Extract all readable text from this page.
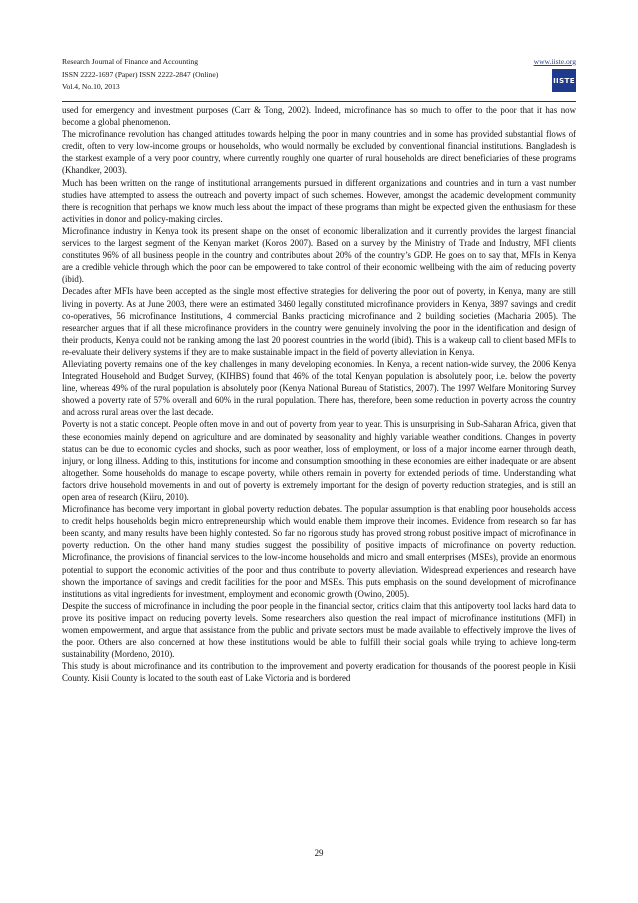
Research Journal of Finance and Accounting
ISSN 2222-1697 (Paper) ISSN 2222-2847 (Online)
Vol.4, No.10, 2013
www.iiste.org
IISTE

used for emergency and investment purposes (Carr & Tong, 2002). Indeed, microfinance has so much to offer to the poor that it has now become a global phenomenon.

The microfinance revolution has changed attitudes towards helping the poor in many countries and in some has provided substantial flows of credit, often to very low-income groups or households, who would normally be excluded by conventional financial institutions. Bangladesh is the starkest example of a very poor country, where currently roughly one quarter of rural households are direct beneficiaries of these programs (Khandker, 2003).

Much has been written on the range of institutional arrangements pursued in different organizations and countries and in turn a vast number studies have attempted to assess the outreach and poverty impact of such schemes. However, amongst the academic development community there is recognition that perhaps we know much less about the impact of these programs than might be expected given the enthusiasm for these activities in donor and policy-making circles.

Microfinance industry in Kenya took its present shape on the onset of economic liberalization and it currently provides the largest financial services to the largest segment of the Kenyan market (Koros 2007). Based on a survey by the Ministry of Trade and Industry, MFI clients constitutes 96% of all business people in the country and contributes about 20% of the country’s GDP. He goes on to say that, MFIs in Kenya are a credible vehicle through which the poor can be empowered to take control of their economic wellbeing with the aim of reducing poverty (ibid).

Decades after MFIs have been accepted as the single most effective strategies for delivering the poor out of poverty, in Kenya, many are still living in poverty. As at June 2003, there were an estimated 3460 legally constituted microfinance providers in Kenya, 3897 savings and credit co-operatives, 56 microfinance Institutions, 4 commercial Banks practicing microfinance and 2 building societies (Macharia 2005). The researcher argues that if all these microfinance providers in the country were genuinely involving the poor in the identification and design of their products, Kenya could not be ranking among the last 20 poorest countries in the world (ibid). This is a wakeup call to client based MFIs to re-evaluate their delivery systems if they are to make sustainable impact in the field of poverty alleviation in Kenya.

Alleviating poverty remains one of the key challenges in many developing economies. In Kenya, a recent nation-wide survey, the 2006 Kenya Integrated Household and Budget Survey, (KIHBS) found that 46% of the total Kenyan population is absolutely poor, i.e. below the poverty line, whereas 49% of the rural population is absolutely poor (Kenya National Bureau of Statistics, 2007). The 1997 Welfare Monitoring Survey showed a poverty rate of 57% overall and 60% in the rural population. There has, therefore, been some reduction in poverty across the country and across rural areas over the last decade.

Poverty is not a static concept. People often move in and out of poverty from year to year. This is unsurprising in Sub-Saharan Africa, given that these economies mainly depend on agriculture and are dominated by seasonality and highly variable weather conditions. Changes in poverty status can be due to economic cycles and shocks, such as poor weather, loss of employment, or loss of a major income earner through death, injury, or long illness. Adding to this, institutions for income and consumption smoothing in these economies are either inadequate or are absent altogether. Some households do manage to escape poverty, while others remain in poverty for extended periods of time. Understanding what factors drive household movements in and out of poverty is extremely important for the design of poverty reduction strategies, and is still an open area of research (Kiiru, 2010).

Microfinance has become very important in global poverty reduction debates. The popular assumption is that enabling poor households access to credit helps households begin micro entrepreneurship which would enable them improve their incomes. Evidence from research so far has been scanty, and many results have been highly contested. So far no rigorous study has proved strong robust positive impact of microfinance in poverty reduction. On the other hand many studies suggest the possibility of positive impacts of microfinance on poverty reduction. Microfinance, the provisions of financial services to the low-income households and micro and small enterprises (MSEs), provide an enormous potential to support the economic activities of the poor and thus contribute to poverty alleviation. Widespread experiences and research have shown the importance of savings and credit facilities for the poor and MSEs. This puts emphasis on the sound development of microfinance institutions as vital ingredients for investment, employment and economic growth (Owino, 2005).

Despite the success of microfinance in including the poor people in the financial sector, critics claim that this antipoverty tool lacks hard data to prove its positive impact on reducing poverty levels. Some researchers also question the real impact of microfinance institutions (MFI) in women empowerment, and argue that assistance from the public and private sectors must be made available to effectively improve the lives of the poor. Others are also concerned at how these institutions would be able to fulfill their social goals while trying to achieve long-term sustainability (Mordeno, 2010).

This study is about microfinance and its contribution to the improvement and poverty eradication for thousands of the poorest people in Kisii County. Kisii County is located to the south east of Lake Victoria and is bordered

29
